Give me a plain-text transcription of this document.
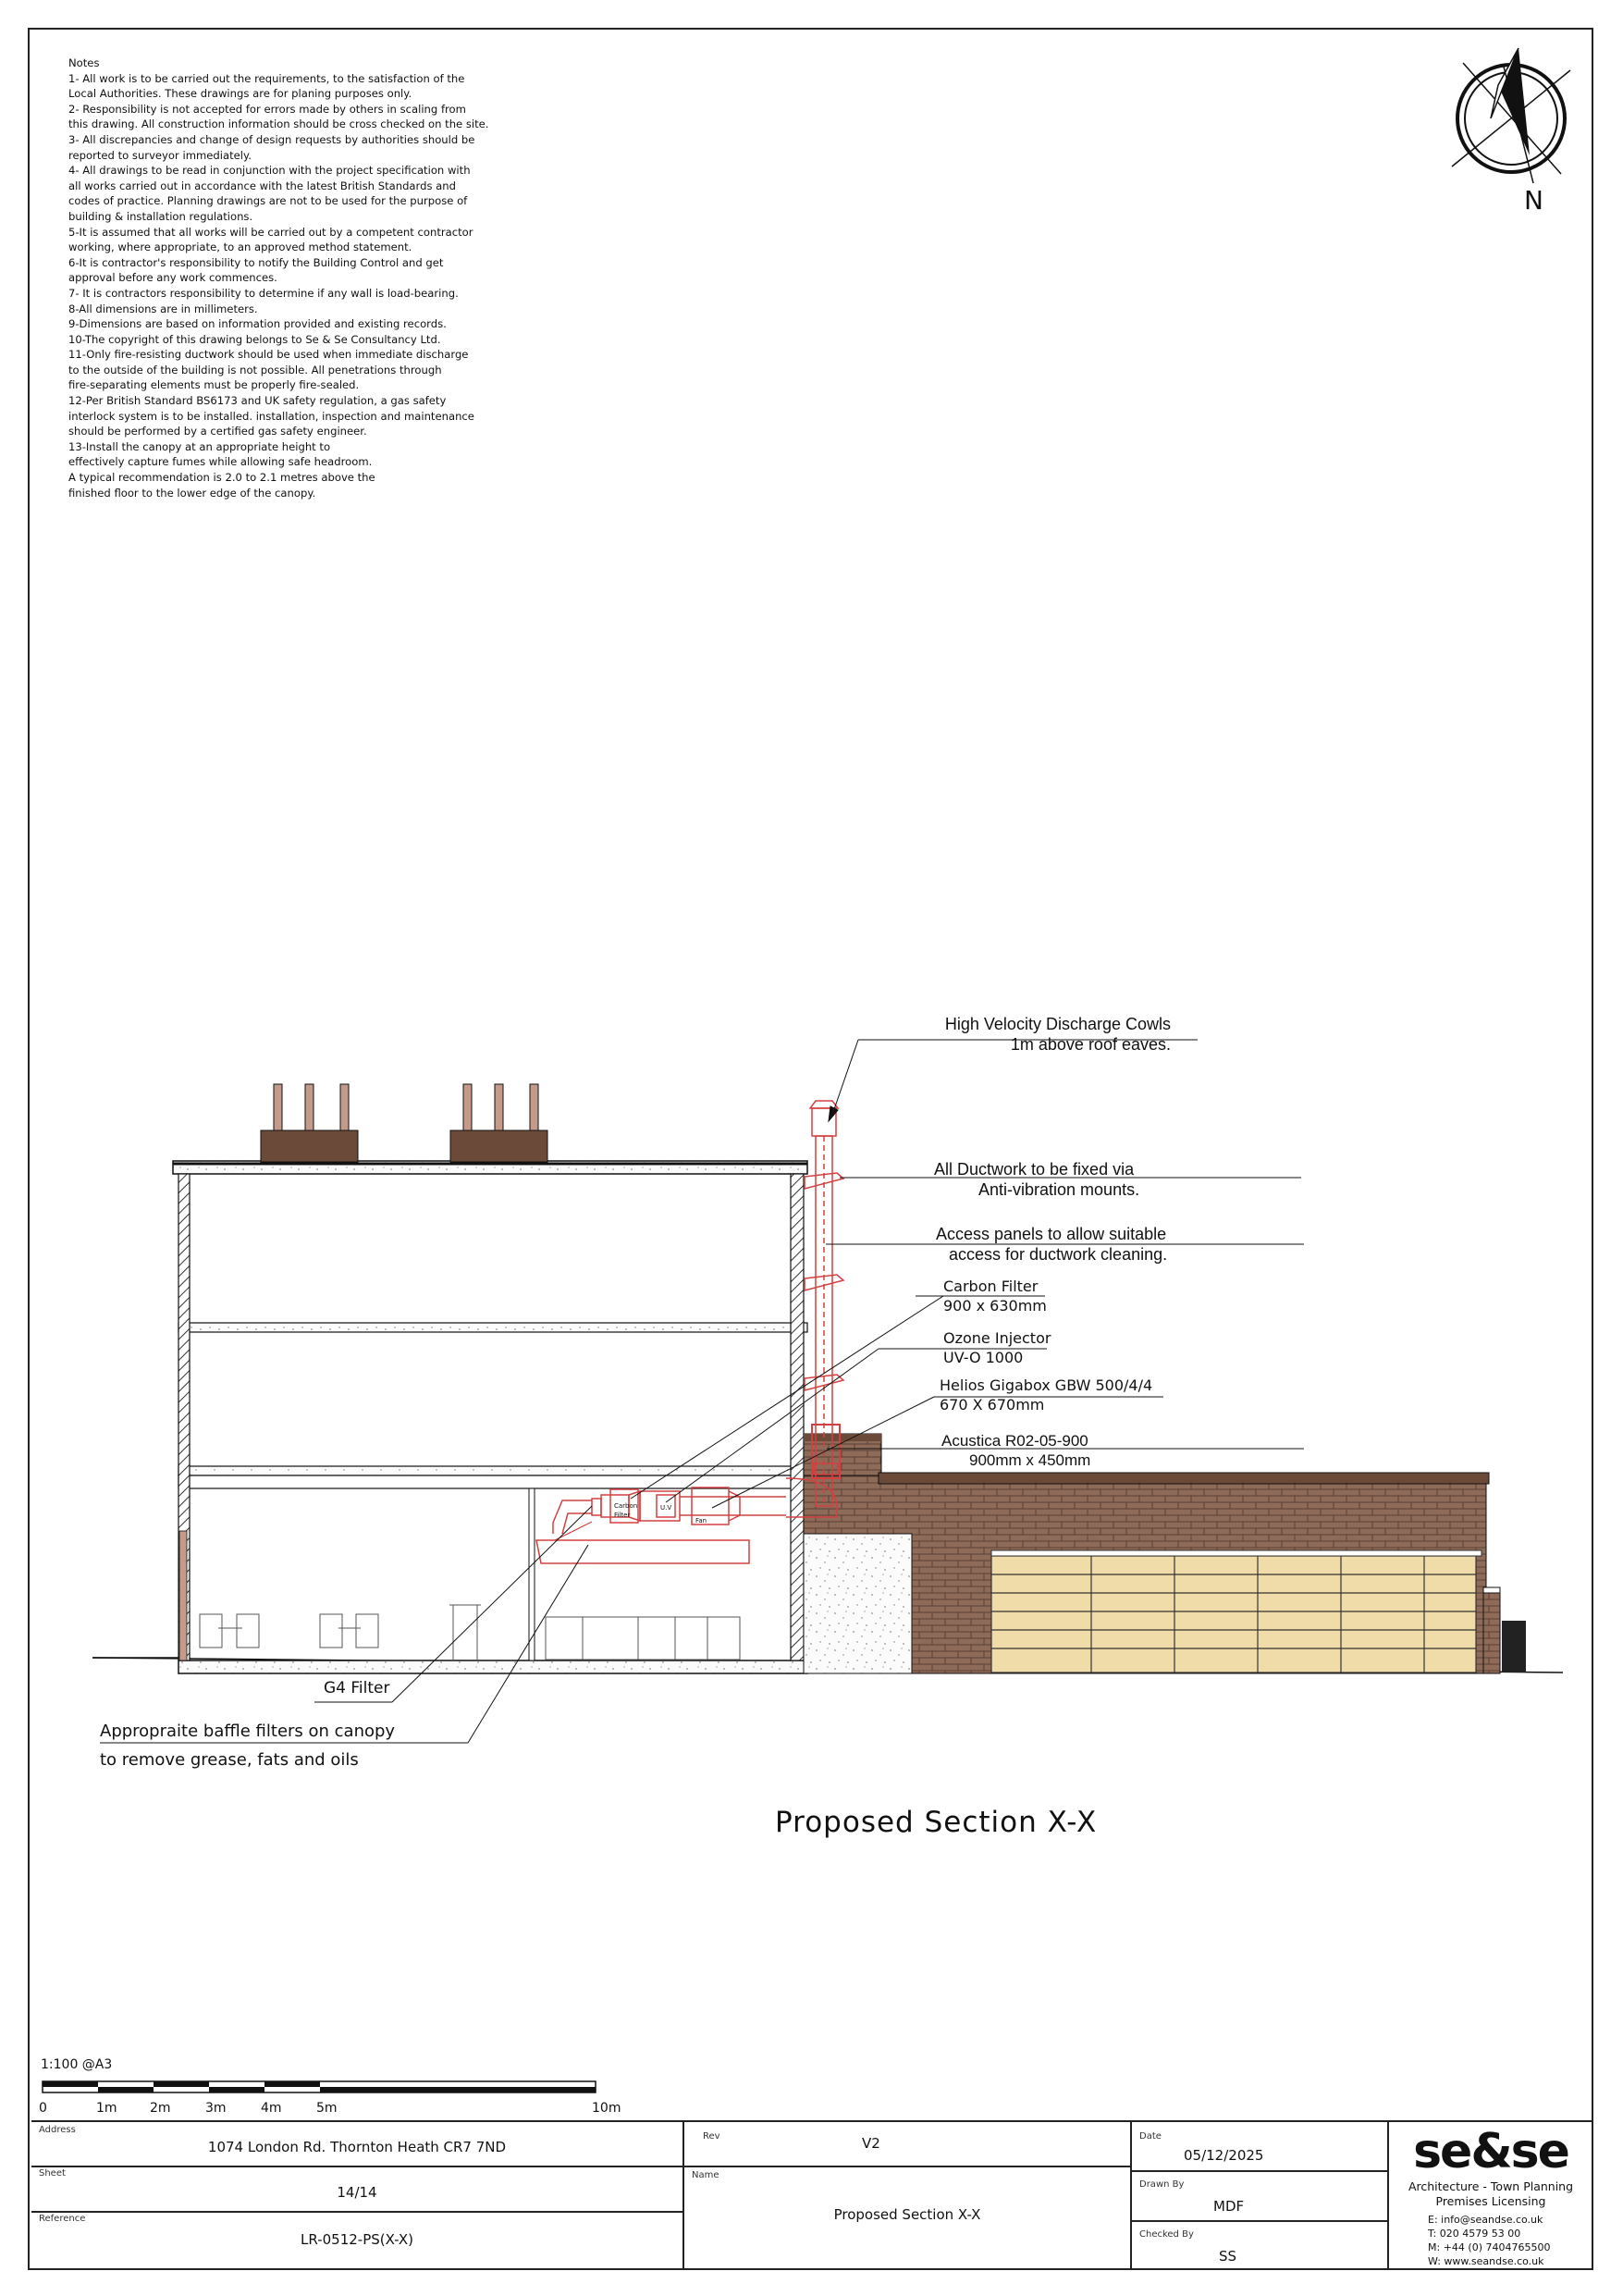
Notes
1- All work is to be carried out the requirements, to the satisfaction of the
Local Authorities. These drawings are for planing purposes only.
2- Responsibility is not accepted for errors made by others in scaling from
this drawing. All construction information should be cross checked on the site.
3- All discrepancies and change of design requests by authorities should be
reported to surveyor immediately.
4- All drawings to be read in conjunction with the project specification with
all works carried out in accordance with the latest British Standards and
codes of practice. Planning drawings are not to be used for the purpose of
building & installation regulations.
5-It is assumed that all works will be carried out by a competent contractor
working, where appropriate, to an approved method statement.
6-It is contractor's responsibility to notify the Building Control and get
approval before any work commences.
7- It is contractors responsibility to determine if any wall is load-bearing.
8-All dimensions are in millimeters.
9-Dimensions are based on information provided and existing records.
10-The copyright of this drawing belongs to Se & Se Consultancy Ltd.
11-Only fire-resisting ductwork should be used when immediate discharge
to the outside of the building is not possible. All penetrations through
fire-separating elements must be properly fire-sealed.
12-Per British Standard BS6173 and UK safety regulation, a gas safety
interlock system is to be installed. installation, inspection and maintenance
should be performed by a certified gas safety engineer.
13-Install the canopy at an appropriate height to
effectively capture fumes while allowing safe headroom.
A typical recommendation is 2.0 to 2.1 metres above the
finished floor to the lower edge of the canopy.
N
Carbon
Filter
U.V
Fan
High Velocity Discharge Cowls
1m above roof eaves.
All Ductwork to be fixed via
Anti-vibration mounts.
Access panels to allow suitable
access for ductwork cleaning.
Carbon Filter
900 x 630mm
Ozone Injector
UV-O 1000
Helios Gigabox GBW 500/4/4
670 X 670mm
Acustica R02-05-900
900mm x 450mm
G4 Filter
Appropraite baffle filters on canopy
to remove grease, fats and oils
Proposed Section X-X
1:100 @A3
0	1m	2m	3m	4m	5m	10m
Address
1074 London Rd. Thornton Heath CR7 7ND
Sheet
14/14
Reference
LR-0512-PS(X-X)
Rev	V2
Name
Proposed Section X-X
Date
05/12/2025
Drawn By
MDF
Checked By
SS
se&se
Architecture - Town Planning
Premises Licensing
E: info@seandse.co.uk
T: 020 4579 53 00
M: +44 (0) 7404765500
W: www.seandse.co.uk
